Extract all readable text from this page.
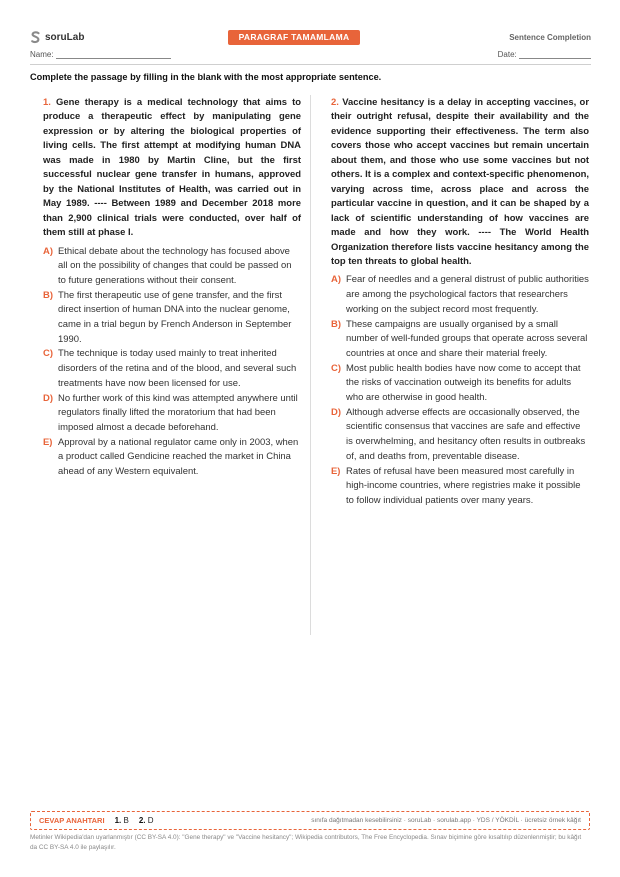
soruLab	PARAGRAF TAMAMLAMA	Sentence Completion
Name:	Date:
Complete the passage by filling in the blank with the most appropriate sentence.
1. Gene therapy is a medical technology that aims to produce a therapeutic effect by manipulating gene expression or by altering the biological properties of living cells. The first attempt at modifying human DNA was made in 1980 by Martin Cline, but the first successful nuclear gene transfer in humans, approved by the National Institutes of Health, was carried out in May 1989. ---- Between 1989 and December 2018 more than 2,900 clinical trials were conducted, over half of them still at phase I.
A) Ethical debate about the technology has focused above all on the possibility of changes that could be passed on to future generations without their consent.
B) The first therapeutic use of gene transfer, and the first direct insertion of human DNA into the nuclear genome, came in a trial begun by French Anderson in September 1990.
C) The technique is today used mainly to treat inherited disorders of the retina and of the blood, and several such treatments have now been licensed for use.
D) No further work of this kind was attempted anywhere until regulators finally lifted the moratorium that had been imposed almost a decade beforehand.
E) Approval by a national regulator came only in 2003, when a product called Gendicine reached the market in China ahead of any Western equivalent.
2. Vaccine hesitancy is a delay in accepting vaccines, or their outright refusal, despite their availability and the evidence supporting their effectiveness. The term also covers those who accept vaccines but remain uncertain about them, and those who use some vaccines but not others. It is a complex and context-specific phenomenon, varying across time, across place and across the particular vaccine in question, and it can be shaped by a lack of scientific understanding of how vaccines are made and how they work. ---- The World Health Organization therefore lists vaccine hesitancy among the top ten threats to global health.
A) Fear of needles and a general distrust of public authorities are among the psychological factors that researchers working on the subject record most frequently.
B) These campaigns are usually organised by a small number of well-funded groups that operate across several countries at once and share their material freely.
C) Most public health bodies have now come to accept that the risks of vaccination outweigh its benefits for adults who are otherwise in good health.
D) Although adverse effects are occasionally observed, the scientific consensus that vaccines are safe and effective is overwhelming, and hesitancy often results in outbreaks of, and deaths from, preventable disease.
E) Rates of refusal have been measured most carefully in high-income countries, where registries make it possible to follow individual patients over many years.
CEVAP ANAHTARI 1. B 2. D	sınıfa dağıtmadan kesebilirsiniz · soruLab · sorulab.app · YDS / YÖKDİL · ücretsiz örnek kâğıt
Metinler Wikipedia'dan uyarlanmıştır (CC BY-SA 4.0): "Gene therapy" ve "Vaccine hesitancy"; Wikipedia contributors, The Free Encyclopedia. Sınav biçimine göre kısaltılıp düzenlenmiştir; bu kâğıt da CC BY-SA 4.0 ile paylaşılır.
